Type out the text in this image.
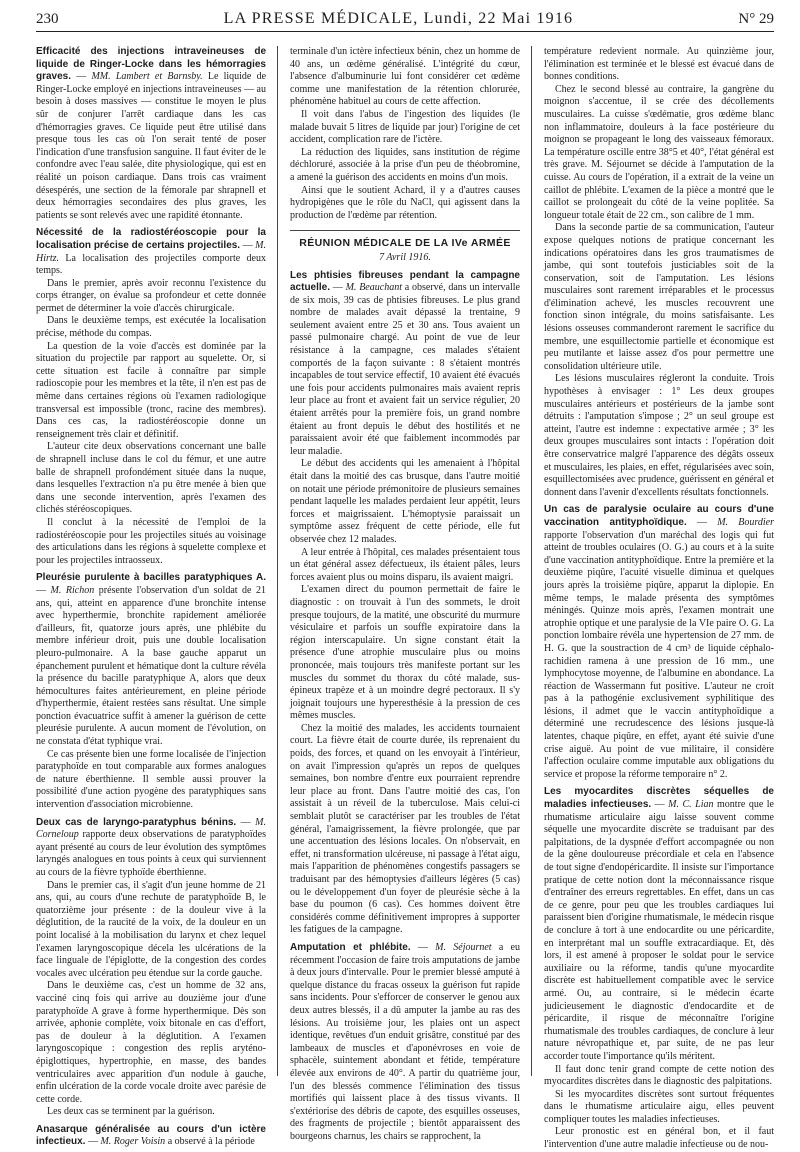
230	LA PRESSE MÉDICALE, Lundi, 22 Mai 1916	N° 29

Efficacité des injections intraveineuses de liquide de Ringer-Locke dans les hémorragies graves. — MM. Lambert et Barnsby. Le liquide de Ringer-Locke employé en injections intraveineuses — au besoin à doses massives — constitue le moyen le plus sûr de conjurer l'arrêt cardiaque dans les cas d'hémorragies graves. Ce liquide peut être utilisé dans presque tous les cas où l'on serait tenté de poser l'indication d'une transfusion sanguine. Il faut éviter de le confondre avec l'eau salée, dite physiologique, qui est en réalité un poison cardiaque. Dans trois cas vraiment désespérés, une section de la fémorale par shrapnell et deux hémorragies secondaires des plus graves, les patients se sont relevés avec une rapidité étonnante.

Nécessité de la radiostéréoscopie pour la localisation précise de certains projectiles. — M. Hirtz. La localisation des projectiles comporte deux temps.

Dans le premier, après avoir reconnu l'existence du corps étranger, on évalue sa profondeur et cette donnée permet de déterminer la voie d'accès chirurgicale.

Dans le deuxième temps, est exécutée la localisation précise, méthode du compas.

La question de la voie d'accès est dominée par la situation du projectile par rapport au squelette. Or, si cette situation est facile à connaître par simple radioscopie pour les membres et la tête, il n'en est pas de même dans certaines régions où l'examen radiologique transversal est impossible (tronc, racine des membres). Dans ces cas, la radiostéréoscopie donne un renseignement très clair et définitif.

L'auteur cite deux observations concernant une balle de shrapnell incluse dans le col du fémur, et une autre balle de shrapnell profondément située dans la nuque, dans lesquelles l'extraction n'a pu être menée à bien que dans une seconde intervention, après l'examen des clichés stéréoscopiques.

Il conclut à la nécessité de l'emploi de la radiostéréoscopie pour les projectiles situés au voisinage des articulations dans les régions à squelette complexe et pour les projectiles intraosseux.

Pleurésie purulente à bacilles paratyphiques A. — M. Richon présente l'observation d'un soldat de 21 ans, qui, atteint en apparence d'une bronchite intense avec hyperthermie, bronchite rapidement améliorée d'ailleurs, fit, quatorze jours après, une phlébite du membre inférieur droit, puis une double localisation pleuro-pulmonaire. A la base gauche apparut un épanchement purulent et hématique dont la culture révéla la présence du bacille paratyphique A, alors que deux hémocultures faites antérieurement, en pleine période d'hyperthermie, étaient restées sans résultat. Une simple ponction évacuatrice suffit à amener la guérison de cette pleurésie purulente. A aucun moment de l'évolution, on ne constata d'état typhique vrai.

Ce cas présente bien une forme localisée de l'injection paratyphoïde en tout comparable aux formes analogues de nature éberthienne. Il semble aussi prouver la possibilité d'une action pyogène des paratyphiques sans intervention d'association microbienne.

Deux cas de laryngo-paratyphus bénins. — M. Corneloup rapporte deux observations de paratyphoïdes ayant présenté au cours de leur évolution des symptômes laryngés analogues en tous points à ceux qui surviennent au cours de la fièvre typhoïde éberthienne.

Dans le premier cas, il s'agit d'un jeune homme de 21 ans, qui, au cours d'une rechute de paratyphoïde B, le quatorzième jour présente : de la douleur vive à la déglutition, de la raucité de la voix, de la douleur en un point localisé à la mobilisation du larynx et chez lequel l'examen laryngoscopique décela les ulcérations de la face linguale de l'épiglotte, de la congestion des cordes vocales avec ulcération peu étendue sur la corde gauche.

Dans le deuxième cas, c'est un homme de 32 ans, vacciné cinq fois qui arrive au douzième jour d'une paratyphoïde A grave à forme hyperthermique. Dès son arrivée, aphonie complète, voix bitonale en cas d'effort, pas de douleur à la déglutition. A l'examen laryngoscopique : congestion des replis aryténo-épiglottiques, hypertrophie, en masse, des bandes ventriculaires avec apparition d'un nodule à gauche, enfin ulcération de la corde vocale droite avec parésie de cette corde.

Les deux cas se terminent par la guérison.

Anasarque généralisée au cours d'un ictère infectieux. — M. Roger Voisin a observé à la période

terminale d'un ictère infectieux bénin, chez un homme de 40 ans, un œdème généralisé. L'intégrité du cœur, l'absence d'albuminurie lui font considérer cet œdème comme une manifestation de la rétention chlorurée, phénomène habituel au cours de cette affection.

Il voit dans l'abus de l'ingestion des liquides (le malade buvait 5 litres de liquide par jour) l'origine de cet accident, complication rare de l'ictère.

La réduction des liquides, sans institution de régime déchloruré, associée à la prise d'un peu de théobromine, a amené la guérison des accidents en moins d'un mois.

Ainsi que le soutient Achard, il y a d'autres causes hydropigènes que le rôle du NaCl, qui agissent dans la production de l'œdème par rétention.

RÉUNION MÉDICALE DE LA IVe ARMÉE
7 Avril 1916.

Les phtisies fibreuses pendant la campagne actuelle. — M. Beauchant a observé, dans un intervalle de six mois, 39 cas de phtisies fibreuses. Le plus grand nombre de malades avait dépassé la trentaine, 9 seulement avaient entre 25 et 30 ans. Tous avaient un passé pulmonaire chargé. Au point de vue de leur résistance à la campagne, ces malades s'étaient comportés de la façon suivante : 8 s'étaient montrés incapables de tout service effectif, 10 avaient été évacués une fois pour accidents pulmonaires mais avaient repris leur place au front et avaient fait un service régulier, 20 étaient arrêtés pour la première fois, un grand nombre étaient au front depuis le début des hostilités et ne paraissaient avoir été que faiblement incommodés par leur maladie.

Le début des accidents qui les amenaient à l'hôpital était dans la moitié des cas brusque, dans l'autre moitié on notait une période prémonitoire de plusieurs semaines pendant laquelle les malades perdaient leur appétit, leurs forces et maigrissaient. L'hémoptysie paraissait un symptôme assez fréquent de cette période, elle fut observée chez 12 malades.

A leur entrée à l'hôpital, ces malades présentaient tous un état général assez défectueux, ils étaient pâles, leurs forces avaient plus ou moins disparu, ils avaient maigri.

L'examen direct du poumon permettait de faire le diagnostic : on trouvait à l'un des sommets, le droit presque toujours, de la matité, une obscurité du murmure vésiculaire et parfois un souffle expiratoire dans la région interscapulaire. Un signe constant était la présence d'une atrophie musculaire plus ou moins prononcée, mais toujours très manifeste portant sur les muscles du sommet du thorax du côté malade, sus-épineux trapèze et à un moindre degré pectoraux. Il s'y joignait toujours une hyperesthésie à la pression de ces mêmes muscles.

Chez la moitié des malades, les accidents tournaient court. La fièvre était de courte durée, ils reprenaient du poids, des forces, et quand on les envoyait à l'intérieur, on avait l'impression qu'après un repos de quelques semaines, bon nombre d'entre eux pourraient reprendre leur place au front. Dans l'autre moitié des cas, l'on assistait à un réveil de la tuberculose. Mais celui-ci semblait plutôt se caractériser par les troubles de l'état général, l'amaigrissement, la fièvre prolongée, que par une accentuation des lésions locales. On n'observait, en effet, ni transformation ulcéreuse, ni passage à l'état aigu, mais l'apparition de phénomènes congestifs passagers se traduisant par des hémoptysies d'ailleurs légères (5 cas) ou le développement d'un foyer de pleurésie sèche à la base du poumon (6 cas). Ces hommes doivent être considérés comme définitivement impropres à supporter les fatigues de la campagne.

Amputation et phlébite. — M. Séjournet a eu récemment l'occasion de faire trois amputations de jambe à deux jours d'intervalle. Pour le premier blessé amputé à quelque distance du fracas osseux la guérison fut rapide sans incidents. Pour s'efforcer de conserver le genou aux deux autres blessés, il a dû amputer la jambe au ras des lésions. Au troisième jour, les plaies ont un aspect identique, revêtues d'un enduit grisâtre, constitué par des lambeaux de muscles et d'aponévroses en voie de sphacèle, suintement abondant et fétide, température élevée aux environs de 40°. A partir du quatrième jour, l'un des blessés commence l'élimination des tissus mortifiés qui laissent place à des tissus vivants. Il s'extériorise des débris de capote, des esquilles osseuses, des fragments de projectile ; bientôt apparaissent des bourgeons charnus, les chairs se rapprochent, la

température redevient normale. Au quinzième jour, l'élimination est terminée et le blessé est évacué dans de bonnes conditions.

Chez le second blessé au contraire, la gangrène du moignon s'accentue, il se crée des décollements musculaires. La cuisse s'œdématie, gros œdème blanc non inflammatoire, douleurs à la face postérieure du moignon se propageant le long des vaisseaux fémoraux. La température oscille entre 38°5 et 40°, l'état général est très grave. M. Séjournet se décide à l'amputation de la cuisse. Au cours de l'opération, il a extrait de la veine un caillot de phlébite. L'examen de la pièce a montré que le caillot se prolongeait du côté de la veine poplitée. Sa longueur totale était de 22 cm., son calibre de 1 mm.

Dans la seconde partie de sa communication, l'auteur expose quelques notions de pratique concernant les indications opératoires dans les gros traumatismes de jambe, qui sont toutefois justiciables soit de la conservation, soit de l'amputation. Les lésions musculaires sont rarement irréparables et le processus d'élimination achevé, les muscles recouvrent une fonction sinon intégrale, du moins satisfaisante. Les lésions osseuses commanderont rarement le sacrifice du membre, une esquillectomie partielle et économique est peu mutilante et laisse assez d'os pour permettre une consolidation ultérieure utile.

Les lésions musculaires régleront la conduite. Trois hypothèses à envisager : 1° Les deux groupes musculaires antérieurs et postérieurs de la jambe sont détruits : l'amputation s'impose ; 2° un seul groupe est atteint, l'autre est indemne : expectative armée ; 3° les deux groupes musculaires sont intacts : l'opération doit être conservatrice malgré l'apparence des dégâts osseux et musculaires, les plaies, en effet, régularisées avec soin, esquillectomisées avec prudence, guérissent en général et donnent dans l'avenir d'excellents résultats fonctionnels.

Un cas de paralysie oculaire au cours d'une vaccination antityphoïdique. — M. Bourdier rapporte l'observation d'un maréchal des logis qui fut atteint de troubles oculaires (O. G.) au cours et à la suite d'une vaccination antityphoïdique. Entre la première et la deuxième piqûre, l'acuité visuelle diminua et quelques jours après la troisième piqûre, apparut la diplopie. En même temps, le malade présenta des symptômes méningés. Quinze mois après, l'examen montrait une atrophie optique et une paralysie de la VIe paire O. G. La ponction lombaire révéla une hypertension de 27 mm. de H. G. que la soustraction de 4 cm³ de liquide céphalo-rachidien ramena à une pression de 16 mm., une lymphocytose moyenne, de l'albumine en abondance. La réaction de Wassermann fut positive. L'auteur ne croit pas à la pathogénie exclusivement syphilitique des lésions, il admet que le vaccin antityphoïdique a déterminé une recrudescence des lésions jusque-là latentes, chaque piqûre, en effet, ayant été suivie d'une crise aiguë. Au point de vue militaire, il considère l'affection oculaire comme imputable aux obligations du service et propose la réforme temporaire n° 2.

Les myocardites discrètes séquelles de maladies infectieuses. — M. C. Lian montre que le rhumatisme articulaire aigu laisse souvent comme séquelle une myocardite discrète se traduisant par des palpitations, de la dyspnée d'effort accompagnée ou non de la gêne douloureuse précordiale et cela en l'absence de tout signe d'endopéricardite. Il insiste sur l'importance pratique de cette notion dont la méconnaissance risque d'entraîner des erreurs regrettables. En effet, dans un cas de ce genre, pour peu que les troubles cardiaques lui paraissent bien d'origine rhumatismale, le médecin risque de conclure à tort à une endocardite ou une péricardite, en interprétant mal un souffle extracardiaque. Et, dès lors, il est amené à proposer le soldat pour le service auxiliaire ou la réforme, tandis qu'une myocardite discrète est habituellement compatible avec le service armé. Ou, au contraire, si le médecin écarte judicieusement le diagnostic d'endocardite et de péricardite, il risque de méconnaître l'origine rhumatismale des troubles cardiaques, de conclure à leur nature névropathique et, par suite, de ne pas leur accorder toute l'importance qu'ils méritent.

Il faut donc tenir grand compte de cette notion des myocardites discrètes dans le diagnostic des palpitations.

Si les myocardites discrètes sont surtout fréquentes dans le rhumatisme articulaire aigu, elles peuvent compliquer toutes les maladies infectieuses.

Leur pronostic est en général bon, et il faut l'intervention d'une autre maladie infectieuse ou de nou-
